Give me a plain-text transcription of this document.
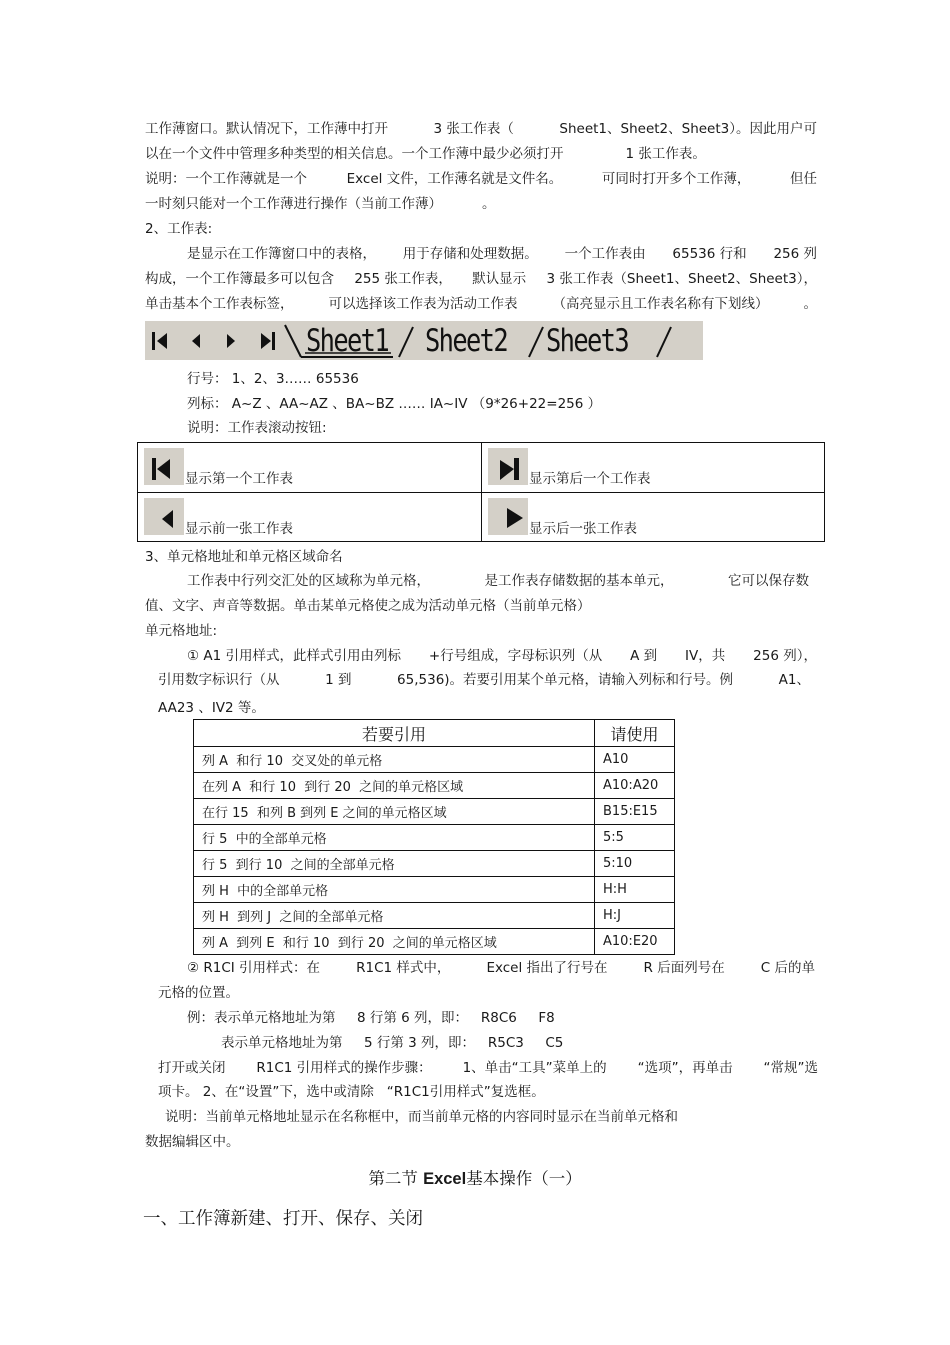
工作薄窗口。默认情况下，工作薄中打开	3 张工作表（	Sheet1、Sheet2、Sheet3）。因此用户可
以在一个文件中管理多种类型的相关信息。一个工作薄中最少必须打开	1 张工作表。
说明：一个工作薄就是一个	Excel 文件，工作薄名就是文件名。	可同时打开多个工作薄，	但任
一时刻只能对一个工作薄进行操作（当前工作薄）	。
2、工作表:
是显示在工作簿窗口中的表格， 用于存储和处理数据。 一个工作表由 65536 行和 256 列
构成，一个工作簿最多可以包含 255 张工作表， 默认显示 3 张工作表（Sheet1、Sheet2、Sheet3），
单击基本个工作表标签，	可以选择该工作表为活动工作表	（高亮显示且工作表名称有下划线）	。
Sheet1 Sheet2 Sheet3
行号： 1、2、3…… 65536
列标： A~Z 、AA~AZ 、BA~BZ …… IA~IV （9*26+22=256 ）
说明：工作表滚动按钮:
显示第一个工作表	显示第后一个工作表
显示前一张工作表	显示后一张工作表
3、单元格地址和单元格区域命名
工作表中行列交汇处的区域称为单元格，	是工作表存储数据的基本单元，	它可以保存数
值、文字、声音等数据。单击某单元格使之成为活动单元格（当前单元格）
单元格地址:
① A1 引用样式，此样式引用由列标 +行号组成，字母标识列（从 A 到 IV，共 256 列），
引用数字标识行（从	1 到	65,536)。若要引用某个单元格，请输入列标和行号。例	A1、
AA23 、IV2 等。
若要引用	请使用
列 A  和行 10  交叉处的单元格	A10
在列 A  和行 10  到行 20  之间的单元格区域	A10:A20
在行 15  和列 B 到列 E 之间的单元格区域	B15:E15
行 5  中的全部单元格	5:5
行 5  到行 10  之间的全部单元格	5:10
列 H  中的全部单元格	H:H
列 H  到列 J  之间的全部单元格	H:J
列 A  到列 E  和行 10  到行 20  之间的单元格区域	A10:E20
② R1CI 引用样式：在	R1C1 样式中，	Excel 指出了行号在	R 后面列号在	C 后的单
元格的位置。
例：表示单元格地址为第     8 行第 6 列，即：   R8C6     F8
表示单元格地址为第     5 行第 3 列，即：   R5C3     C5
打开或关闭 R1C1 引用样式的操作步骤： 1、单击“工具”菜单上的 “选项”，再单击 “常规”选
项卡。 2、在“设置”下，选中或清除   “R1C1引用样式”复选框。
说明：当前单元格地址显示在名称框中，而当前单元格的内容同时显示在当前单元格和
数据编辑区中。
第二节 Excel基本操作（一）
一、工作簿新建、打开、保存、关闭
